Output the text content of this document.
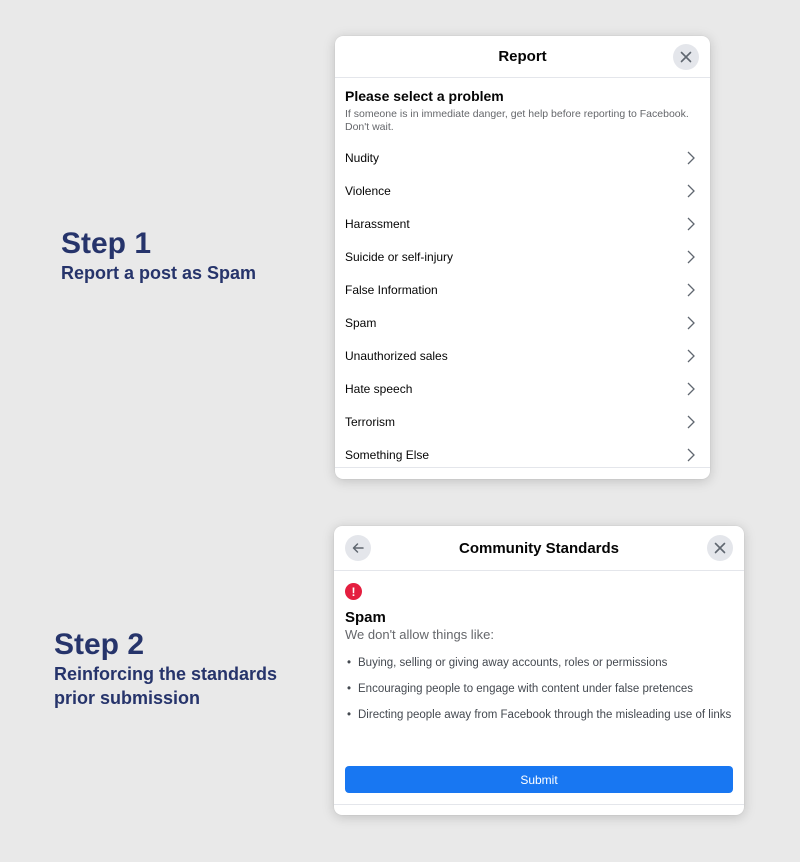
Step 1
Report a post as Spam
Step 2
Reinforcing the standards prior submission
Report
Please select a problem
If someone is in immediate danger, get help before reporting to Facebook. Don't wait.
Nudity
Violence
Harassment
Suicide or self-injury
False Information
Spam
Unauthorized sales
Hate speech
Terrorism
Something Else
Community Standards
!
Spam
We don't allow things like:
• Buying, selling or giving away accounts, roles or permissions
• Encouraging people to engage with content under false pretences
• Directing people away from Facebook through the misleading use of links
Submit
